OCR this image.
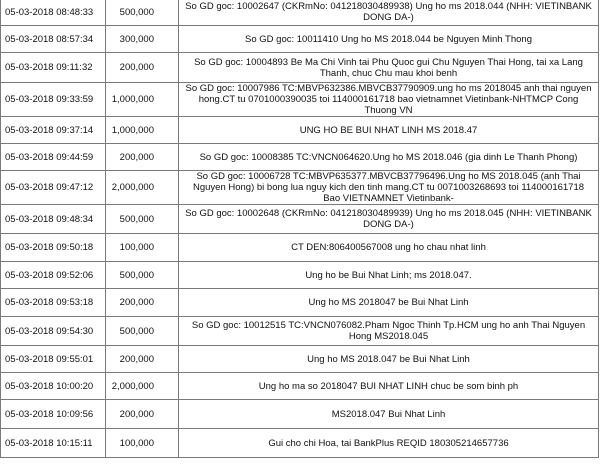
05-03-2018 08:48:33	500,000	So GD goc: 10002647 (CKRmNo: 041218030489938) Ung ho ms 2018.044 (NHH: VIETINBANK DONG DA-)
05-03-2018 08:57:34	300,000	So GD goc: 10011410 Ung ho MS 2018.044 be Nguyen Minh Thong
05-03-2018 09:11:32	200,000	So GD goc: 10004893 Be Ma Chi Vinh tai Phu Quoc gui Chu Nguyen Thai Hong, tai xa Lang Thanh, chuc Chu mau khoi benh
05-03-2018 09:33:59	1,000,000	So GD goc: 10007986 TC:MBVP632386.MBVCB37790909.ung ho ms 2018045 anh thai nguyen hong.CT tu 0701000390035 toi 114000161718 bao vietnamnet Vietinbank-NHTMCP Cong Thuong VN
05-03-2018 09:37:14	1,000,000	UNG HO BE BUI NHAT LINH MS 2018.47
05-03-2018 09:44:59	200,000	So GD goc: 10008385 TC:VNCN064620.Ung ho MS 2018.046 (gia dinh Le Thanh Phong)
05-03-2018 09:47:12	2,000,000	So GD goc: 10006728 TC:MBVP635377.MBVCB37796496.Ung ho MS 2018.045 (anh Thai Nguyen Hong) bi bong lua nguy kich den tinh mang.CT tu 0071003268693 toi 114000161718 Bao VIETNAMNET Vietinbank-
05-03-2018 09:48:34	500,000	So GD goc: 10002648 (CKRmNo: 041218030489939) Ung ho ms 2018.045 (NHH: VIETINBANK DONG DA-)
05-03-2018 09:50:18	100,000	CT DEN:806400567008 ung ho chau nhat linh
05-03-2018 09:52:06	500,000	Ung ho be Bui Nhat Linh; ms 2018.047.
05-03-2018 09:53:18	200,000	Ung ho MS 2018047 be Bui Nhat Linh
05-03-2018 09:54:30	500,000	So GD goc: 10012515 TC:VNCN076082.Pham Ngoc Thinh Tp.HCM ung ho anh Thai Nguyen Hong MS2018.045
05-03-2018 09:55:01	200,000	Ung ho MS 2018.047 be Bui Nhat Linh
05-03-2018 10:00:20	2,000,000	Ung ho ma so 2018047 BUI NHAT LINH chuc be som binh ph
05-03-2018 10:09:56	200,000	MS2018.047 Bui Nhat Linh
05-03-2018 10:15:11	100,000	Gui cho chi Hoa, tai BankPlus REQID 180305214657736
